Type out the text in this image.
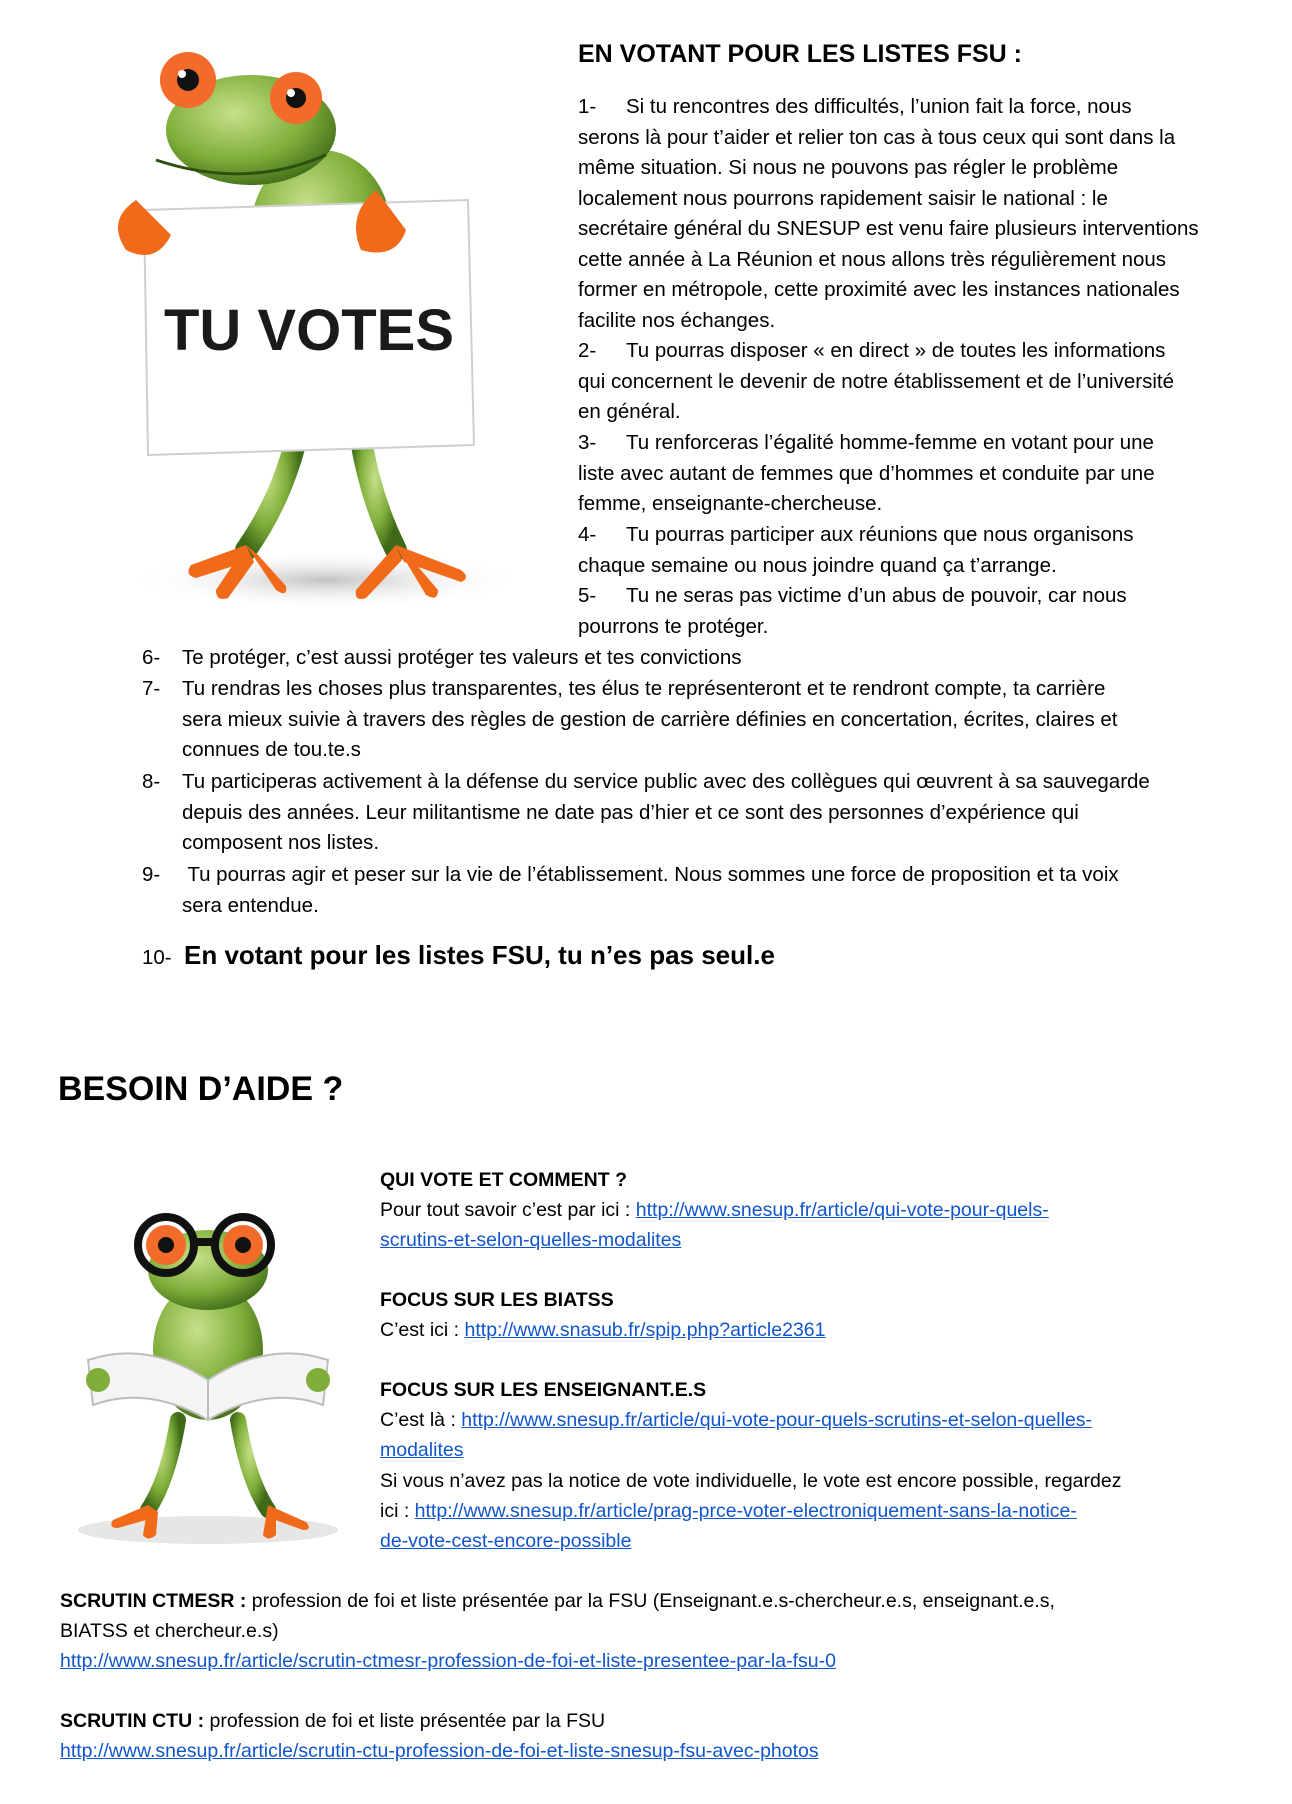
TU VOTES
EN VOTANT POUR LES LISTES FSU :
1- Si tu rencontres des difficultés, l’union fait la force, nous
serons là pour t’aider et relier ton cas à tous ceux qui sont dans la
même situation. Si nous ne pouvons pas régler le problème
localement nous pourrons rapidement saisir le national : le
secrétaire général du SNESUP est venu faire plusieurs interventions
cette année à La Réunion et nous allons très régulièrement nous
former en métropole, cette proximité avec les instances nationales
facilite nos échanges.
2- Tu pourras disposer « en direct » de toutes les informations
qui concernent le devenir de notre établissement et de l’université
en général.
3- Tu renforceras l’égalité homme-femme en votant pour une
liste avec autant de femmes que d’hommes et conduite par une
femme, enseignante-chercheuse.
4- Tu pourras participer aux réunions que nous organisons
chaque semaine ou nous joindre quand ça t’arrange.
5- Tu ne seras pas victime d’un abus de pouvoir, car nous
pourrons te protéger.
6- Te protéger, c’est aussi protéger tes valeurs et tes convictions
7- Tu rendras les choses plus transparentes, tes élus te représenteront et te rendront compte, ta carrière
sera mieux suivie à travers des règles de gestion de carrière définies en concertation, écrites, claires et
connues de tou.te.s
8- Tu participeras activement à la défense du service public avec des collègues qui œuvrent à sa sauvegarde
depuis des années. Leur militantisme ne date pas d’hier et ce sont des personnes d’expérience qui
composent nos listes.
9- Tu pourras agir et peser sur la vie de l’établissement. Nous sommes une force de proposition et ta voix
sera entendue.
10- En votant pour les listes FSU, tu n’es pas seul.e
BESOIN D’AIDE ?
QUI VOTE ET COMMENT ?
Pour tout savoir c’est par ici : http://www.snesup.fr/article/qui-vote-pour-quels-
scrutins-et-selon-quelles-modalites
FOCUS SUR LES BIATSS
C’est ici : http://www.snasub.fr/spip.php?article2361
FOCUS SUR LES ENSEIGNANT.E.S
C’est là : http://www.snesup.fr/article/qui-vote-pour-quels-scrutins-et-selon-quelles-
modalites
Si vous n’avez pas la notice de vote individuelle, le vote est encore possible, regardez
ici : http://www.snesup.fr/article/prag-prce-voter-electroniquement-sans-la-notice-
de-vote-cest-encore-possible
SCRUTIN CTMESR : profession de foi et liste présentée par la FSU (Enseignant.e.s-chercheur.e.s, enseignant.e.s,
BIATSS et chercheur.e.s)
http://www.snesup.fr/article/scrutin-ctmesr-profession-de-foi-et-liste-presentee-par-la-fsu-0
SCRUTIN CTU : profession de foi et liste présentée par la FSU
http://www.snesup.fr/article/scrutin-ctu-profession-de-foi-et-liste-snesup-fsu-avec-photos
